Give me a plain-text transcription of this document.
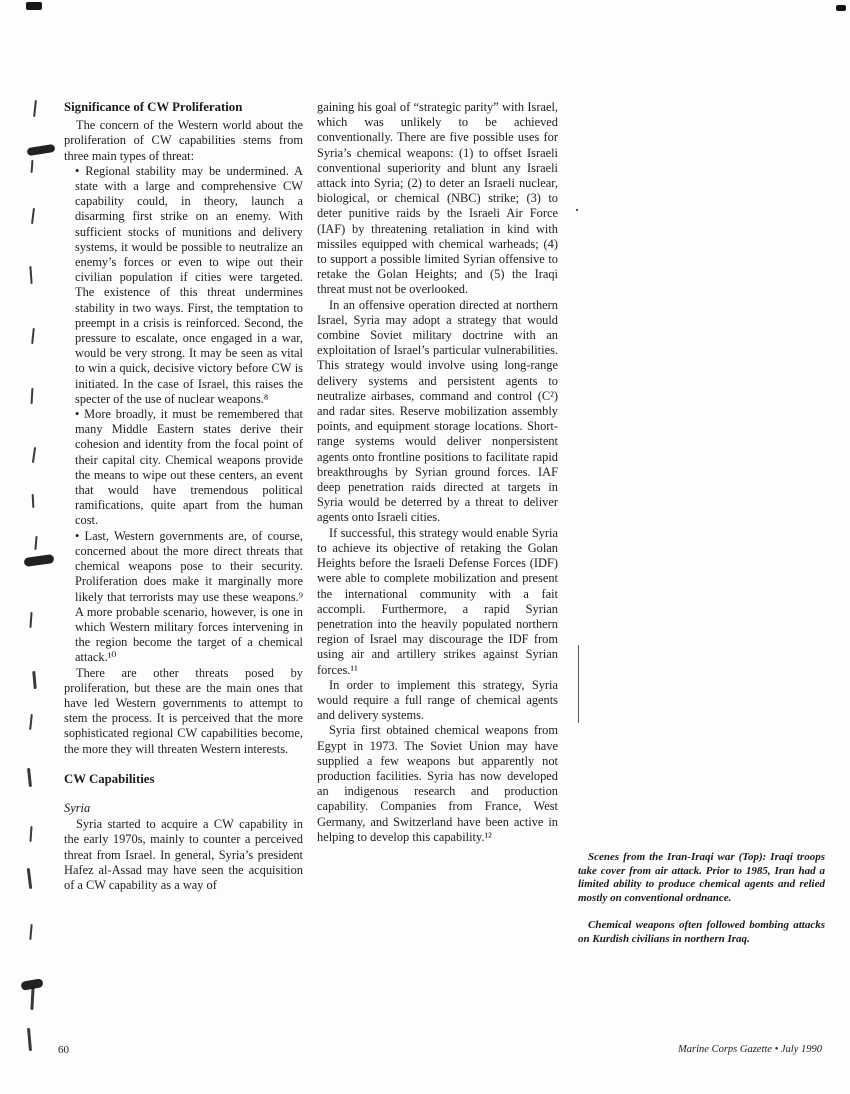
Significance of CW Proliferation

The concern of the Western world about the proliferation of CW capabilities stems from three main types of threat:

• Regional stability may be undermined. A state with a large and comprehensive CW capability could, in theory, launch a disarming first strike on an enemy. With sufficient stocks of munitions and delivery systems, it would be possible to neutralize an enemy’s forces or even to wipe out their civilian population if cities were targeted. The existence of this threat undermines stability in two ways. First, the temptation to preempt in a crisis is reinforced. Second, the pressure to escalate, once engaged in a war, would be very strong. It may be seen as vital to win a quick, decisive victory before CW is initiated. In the case of Israel, this raises the specter of the use of nuclear weapons.⁸

• More broadly, it must be remembered that many Middle Eastern states derive their cohesion and identity from the focal point of their capital city. Chemical weapons provide the means to wipe out these centers, an event that would have tremendous political ramifications, quite apart from the human cost.

• Last, Western governments are, of course, concerned about the more direct threats that chemical weapons pose to their security. Proliferation does make it marginally more likely that terrorists may use these weapons.⁹ A more probable scenario, however, is one in which Western military forces intervening in the region become the target of a chemical attack.¹⁰

There are other threats posed by proliferation, but these are the main ones that have led Western governments to attempt to stem the process. It is perceived that the more sophisticated regional CW capabilities become, the more they will threaten Western interests.

CW Capabilities
Syria

Syria started to acquire a CW capability in the early 1970s, mainly to counter a perceived threat from Israel. In general, Syria’s president Hafez al-Assad may have seen the acquisition of a CW capability as a way of

gaining his goal of “strategic parity” with Israel, which was unlikely to be achieved conventionally. There are five possible uses for Syria’s chemical weapons: (1) to offset Israeli conventional superiority and blunt any Israeli attack into Syria; (2) to deter an Israeli nuclear, biological, or chemical (NBC) strike; (3) to deter punitive raids by the Israeli Air Force (IAF) by threatening retaliation in kind with missiles equipped with chemical warheads; (4) to support a possible limited Syrian offensive to retake the Golan Heights; and (5) the Iraqi threat must not be overlooked.

In an offensive operation directed at northern Israel, Syria may adopt a strategy that would combine Soviet military doctrine with an exploitation of Israel’s particular vulnerabilities. This strategy would involve using long-range delivery systems and persistent agents to neutralize airbases, command and control (C²) and radar sites. Reserve mobilization assembly points, and equipment storage locations. Short-range systems would deliver nonpersistent agents onto frontline positions to facilitate rapid breakthroughs by Syrian ground forces. IAF deep penetration raids directed at targets in Syria would be deterred by a threat to deliver agents onto Israeli cities.

If successful, this strategy would enable Syria to achieve its objective of retaking the Golan Heights before the Israeli Defense Forces (IDF) were able to complete mobilization and present the international community with a fait accompli. Furthermore, a rapid Syrian penetration into the heavily populated northern region of Israel may discourage the IDF from using air and artillery strikes against Syrian forces.¹¹

In order to implement this strategy, Syria would require a full range of chemical agents and delivery systems.

Syria first obtained chemical weapons from Egypt in 1973. The Soviet Union may have supplied a few weapons but apparently not production facilities. Syria has now developed an indigenous research and production capability. Companies from France, West Germany, and Switzerland have been active in helping to develop this capability.¹²

Scenes from the Iran-Iraqi war (Top): Iraqi troops take cover from air attack. Prior to 1985, Iran had a limited ability to produce chemical agents and relied mostly on conventional ordnance.

Chemical weapons often followed bombing attacks on Kurdish civilians in northern Iraq.

60	Marine Corps Gazette • July 1990
